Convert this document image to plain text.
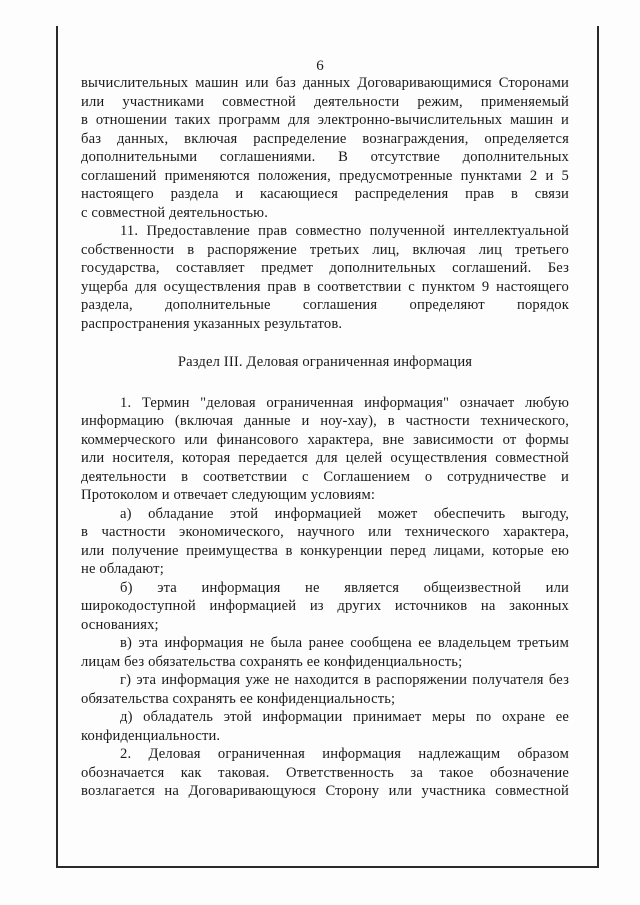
6
вычислительных машин или баз данных Договаривающимися Сторонами
или участниками совместной деятельности режим, применяемый
в отношении таких программ для электронно-вычислительных машин и
баз данных, включая распределение вознаграждения, определяется
дополнительными соглашениями. В отсутствие дополнительных
соглашений применяются положения, предусмотренные пунктами 2 и 5
настоящего раздела и касающиеся распределения прав в связи
с совместной деятельностью.
11. Предоставление прав совместно полученной интеллектуальной
собственности в распоряжение третьих лиц, включая лиц третьего
государства, составляет предмет дополнительных соглашений. Без
ущерба для осуществления прав в соответствии с пунктом 9 настоящего
раздела, дополнительные соглашения определяют порядок
распространения указанных результатов.
Раздел III. Деловая ограниченная информация
1. Термин "деловая ограниченная информация" означает любую
информацию (включая данные и ноу-хау), в частности технического,
коммерческого или финансового характера, вне зависимости от формы
или носителя, которая передается для целей осуществления совместной
деятельности в соответствии с Соглашением о сотрудничестве и
Протоколом и отвечает следующим условиям:
а) обладание этой информацией может обеспечить выгоду,
в частности экономического, научного или технического характера,
или получение преимущества в конкуренции перед лицами, которые ею
не обладают;
б) эта информация не является общеизвестной или
широкодоступной информацией из других источников на законных
основаниях;
в) эта информация не была ранее сообщена ее владельцем третьим
лицам без обязательства сохранять ее конфиденциальность;
г) эта информация уже не находится в распоряжении получателя без
обязательства сохранять ее конфиденциальность;
д) обладатель этой информации принимает меры по охране ее
конфиденциальности.
2. Деловая ограниченная информация надлежащим образом
обозначается как таковая. Ответственность за такое обозначение
возлагается на Договаривающуюся Сторону или участника совместной
